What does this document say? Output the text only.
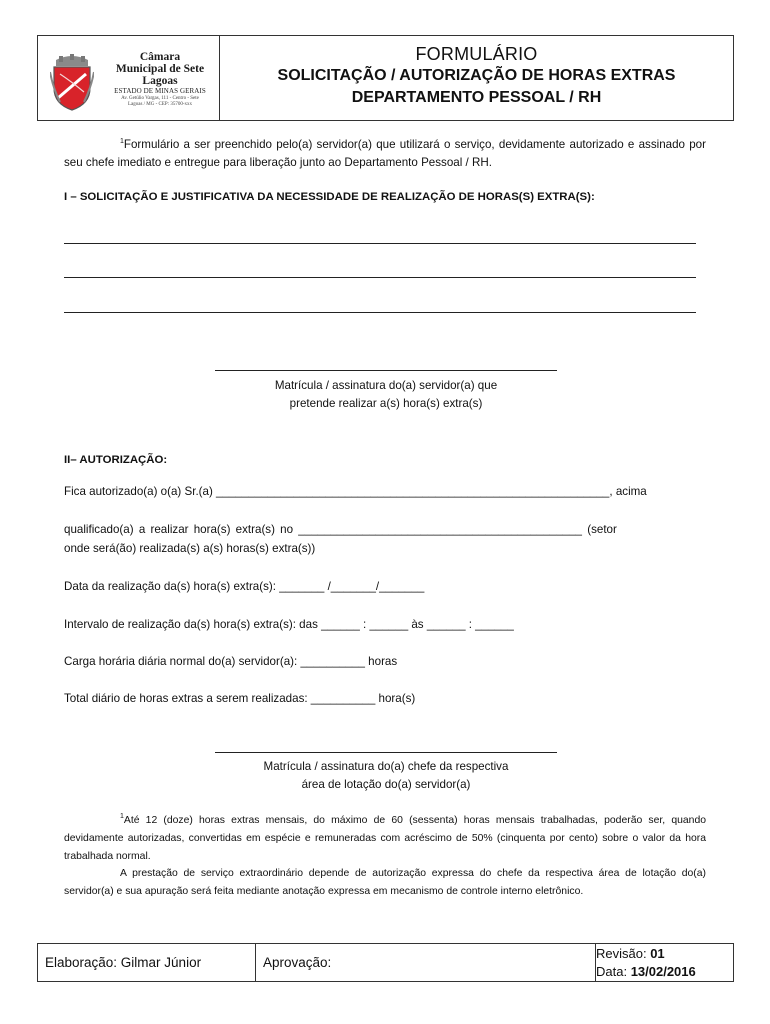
Câmara
Municipal de Sete
Lagoas
ESTADO DE MINAS GERAIS
Av. Getúlio Vargas, 111 - Centro - Sete
Lagoas / MG - CEP: 35700-xxx
FORMULÁRIO
SOLICITAÇÃO / AUTORIZAÇÃO DE HORAS EXTRAS
DEPARTAMENTO PESSOAL / RH
$^1$Formulário a ser preenchido pelo(a) servidor(a) que utilizará o serviço, devidamente autorizado e assinado por seu chefe imediato e entregue para liberação junto ao Departamento Pessoal / RH.
I – SOLICITAÇÃO E JUSTIFICATIVA DA NECESSIDADE DE REALIZAÇÃO DE HORAS(S) EXTRA(S):
Matrícula / assinatura do(a) servidor(a) que
pretende realizar a(s) hora(s) extra(s)
II– AUTORIZAÇÃO:
Fica autorizado(a) o(a) Sr.(a) _____________________________________________________________, acima
qualificado(a) a realizar hora(s) extra(s) no ____________________________________________ (setor
onde será(ão) realizada(s) a(s) horas(s) extra(s))
Data da realização da(s) hora(s) extra(s): _______ /_______/_______
Intervalo de realização da(s) hora(s) extra(s): das ______ : ______ às ______ : ______
Carga horária diária normal do(a) servidor(a): __________ horas
Total diário de horas extras a serem realizadas: __________ hora(s)
Matrícula / assinatura do(a) chefe da respectiva
área de lotação do(a) servidor(a)
$^1$Até 12 (doze) horas extras mensais, do máximo de 60 (sessenta) horas mensais trabalhadas, poderão ser, quando devidamente autorizadas, convertidas em espécie e remuneradas com acréscimo de 50% (cinquenta por cento) sobre o valor da hora trabalhada normal.
A prestação de serviço extraordinário depende de autorização expressa do chefe da respectiva área de lotação do(a) servidor(a) e sua apuração será feita mediante anotação expressa em mecanismo de controle interno eletrônico.
Elaboração: Gilmar Júnior	Aprovação:
Revisão: 01
Data: 13/02/2016
